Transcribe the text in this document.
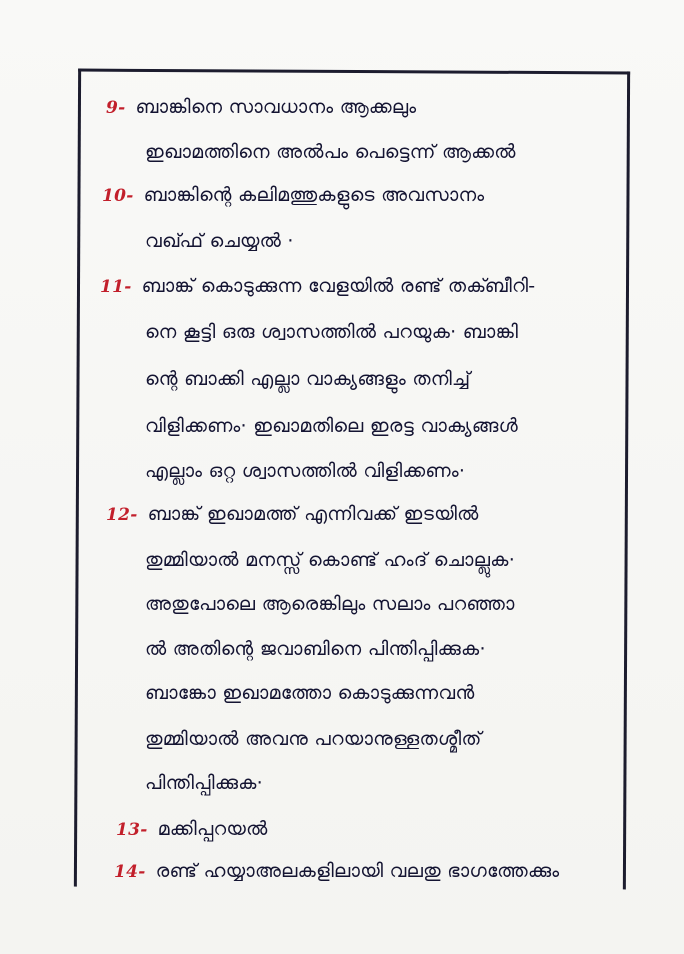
9- ബാങ്കിനെ സാവധാനം ആക്കലും

ഇഖാമത്തിനെ അൽപം പെട്ടെന്ന് ആക്കൽ

10- ബാങ്കിന്റെ കലിമത്തുകളുടെ അവസാനം

വഖ്ഫ് ചെയ്യൽ ·

11- ബാങ്ക് കൊടുക്കുന്ന വേളയിൽ രണ്ട് തക്ബീറി-

നെ കൂട്ടി ഒരു ശ്വാസത്തിൽ പറയുക· ബാങ്കി

ന്റെ ബാക്കി എല്ലാ വാക്യങ്ങളും തനിച്ച്

വിളിക്കണം· ഇഖാമതിലെ ഇരട്ട വാക്യങ്ങൾ

എല്ലാം ഒറ്റ ശ്വാസത്തിൽ വിളിക്കണം·

12- ബാങ്ക് ഇഖാമത്ത് എന്നിവക്ക് ഇടയിൽ

തുമ്മിയാൽ മനസ്സ് കൊണ്ട് ഹംദ് ചൊല്ലുക·

അതുപോലെ ആരെങ്കിലും സലാം പറഞ്ഞാ

ൽ അതിന്റെ ജവാബിനെ പിന്തിപ്പിക്കുക·

ബാങ്കോ ഇഖാമത്തോ കൊടുക്കുന്നവൻ

തുമ്മിയാൽ അവനു പറയാനുള്ളതശ്മീത്

പിന്തിപ്പിക്കുക·

13- മക്കിപ്പറയൽ

14- രണ്ട് ഹയ്യാഅലകളിലായി വലതു ഭാഗത്തേക്കും
